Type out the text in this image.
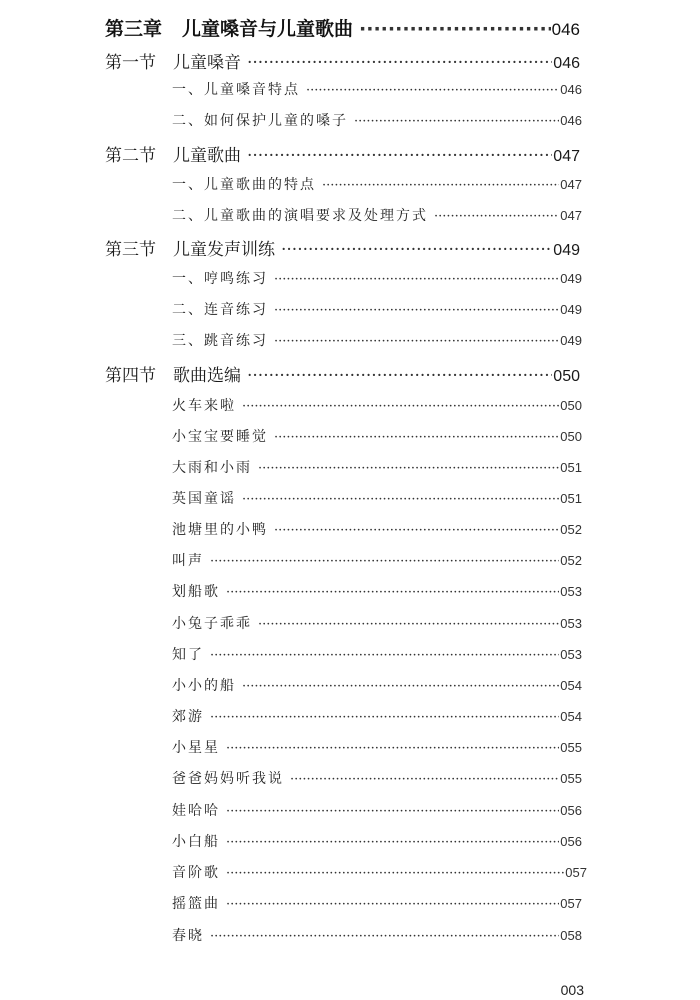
第三章 儿童嗓音与儿童歌曲 ·····	046
第一节 儿童嗓音 ·····	046
一、儿童嗓音特点 ·····	046
二、如何保护儿童的嗓子 ·····	046
第二节 儿童歌曲 ·····	047
一、儿童歌曲的特点 ·····	047
二、儿童歌曲的演唱要求及处理方式 ·····	047
第三节 儿童发声训练 ·····	049
一、哼鸣练习 ·····	049
二、连音练习 ·····	049
三、跳音练习 ·····	049
第四节 歌曲选编 ·····	050
火车来啦 ·····	050
小宝宝要睡觉 ·····	050
大雨和小雨 ·····	051
英国童谣 ·····	051
池塘里的小鸭 ·····	052
叫声 ·····	052
划船歌 ·····	053
小兔子乖乖 ·····	053
知了 ·····	053
小小的船 ·····	054
郊游 ·····	054
小星星 ·····	055
爸爸妈妈听我说 ·····	055
娃哈哈 ·····	056
小白船 ·····	056
音阶歌 ·····	057
摇篮曲 ·····	057
春晓 ·····	058
003
